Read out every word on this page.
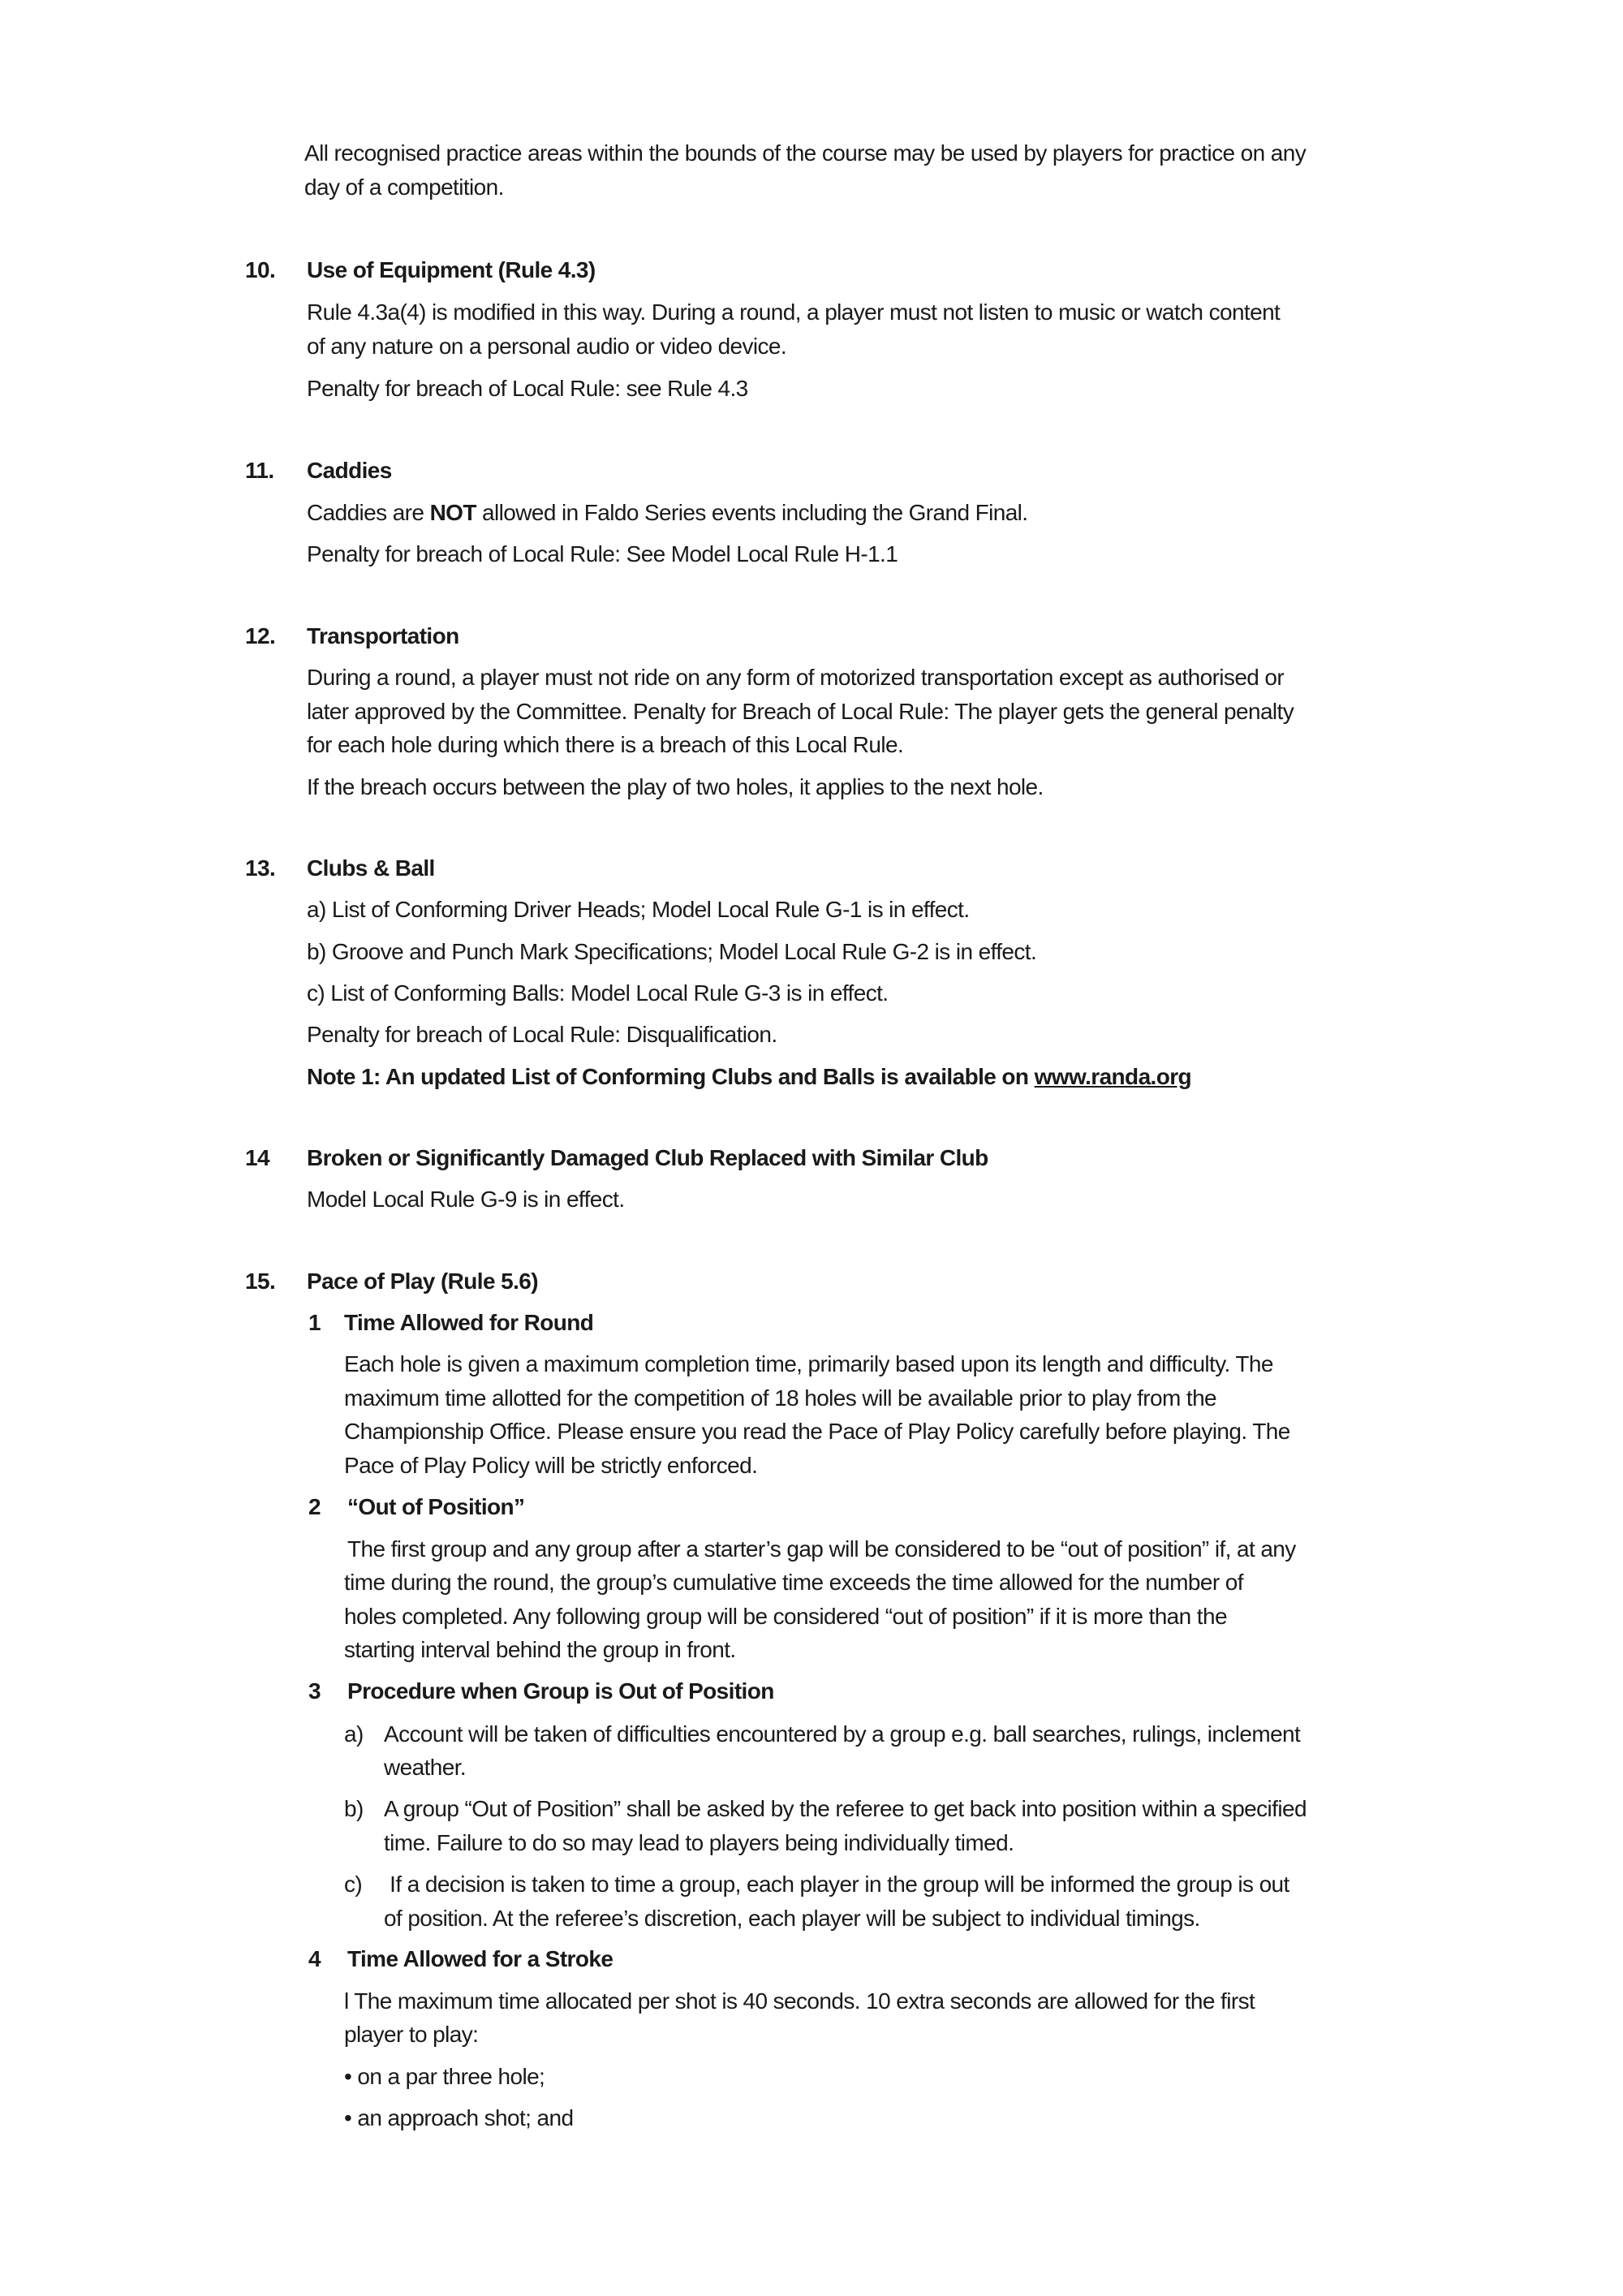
All recognised practice areas within the bounds of the course may be used by players for practice on any
day of a competition.
10. Use of Equipment (Rule 4.3)
Rule 4.3a(4) is modified in this way. During a round, a player must not listen to music or watch content
of any nature on a personal audio or video device.
Penalty for breach of Local Rule: see Rule 4.3
11. Caddies
Caddies are NOT allowed in Faldo Series events including the Grand Final.
Penalty for breach of Local Rule: See Model Local Rule H-1.1
12. Transportation
During a round, a player must not ride on any form of motorized transportation except as authorised or
later approved by the Committee. Penalty for Breach of Local Rule: The player gets the general penalty
for each hole during which there is a breach of this Local Rule.
If the breach occurs between the play of two holes, it applies to the next hole.
13. Clubs & Ball
a) List of Conforming Driver Heads; Model Local Rule G-1 is in effect.
b) Groove and Punch Mark Specifications; Model Local Rule G-2 is in effect.
c) List of Conforming Balls: Model Local Rule G-3 is in effect.
Penalty for breach of Local Rule: Disqualification.
Note 1: An updated List of Conforming Clubs and Balls is available on www.randa.org
14 Broken or Significantly Damaged Club Replaced with Similar Club
Model Local Rule G-9 is in effect.
15. Pace of Play (Rule 5.6)
1 Time Allowed for Round
Each hole is given a maximum completion time, primarily based upon its length and difficulty. The
maximum time allotted for the competition of 18 holes will be available prior to play from the
Championship Office. Please ensure you read the Pace of Play Policy carefully before playing. The
Pace of Play Policy will be strictly enforced.
2 “Out of Position”
The first group and any group after a starter’s gap will be considered to be “out of position” if, at any
time during the round, the group’s cumulative time exceeds the time allowed for the number of
holes completed. Any following group will be considered “out of position” if it is more than the
starting interval behind the group in front.
3 Procedure when Group is Out of Position
a) Account will be taken of difficulties encountered by a group e.g. ball searches, rulings, inclement
weather.
b) A group “Out of Position” shall be asked by the referee to get back into position within a specified
time. Failure to do so may lead to players being individually timed.
c) If a decision is taken to time a group, each player in the group will be informed the group is out
of position. At the referee’s discretion, each player will be subject to individual timings.
4 Time Allowed for a Stroke
l The maximum time allocated per shot is 40 seconds. 10 extra seconds are allowed for the first
player to play:
• on a par three hole;
• an approach shot; and
